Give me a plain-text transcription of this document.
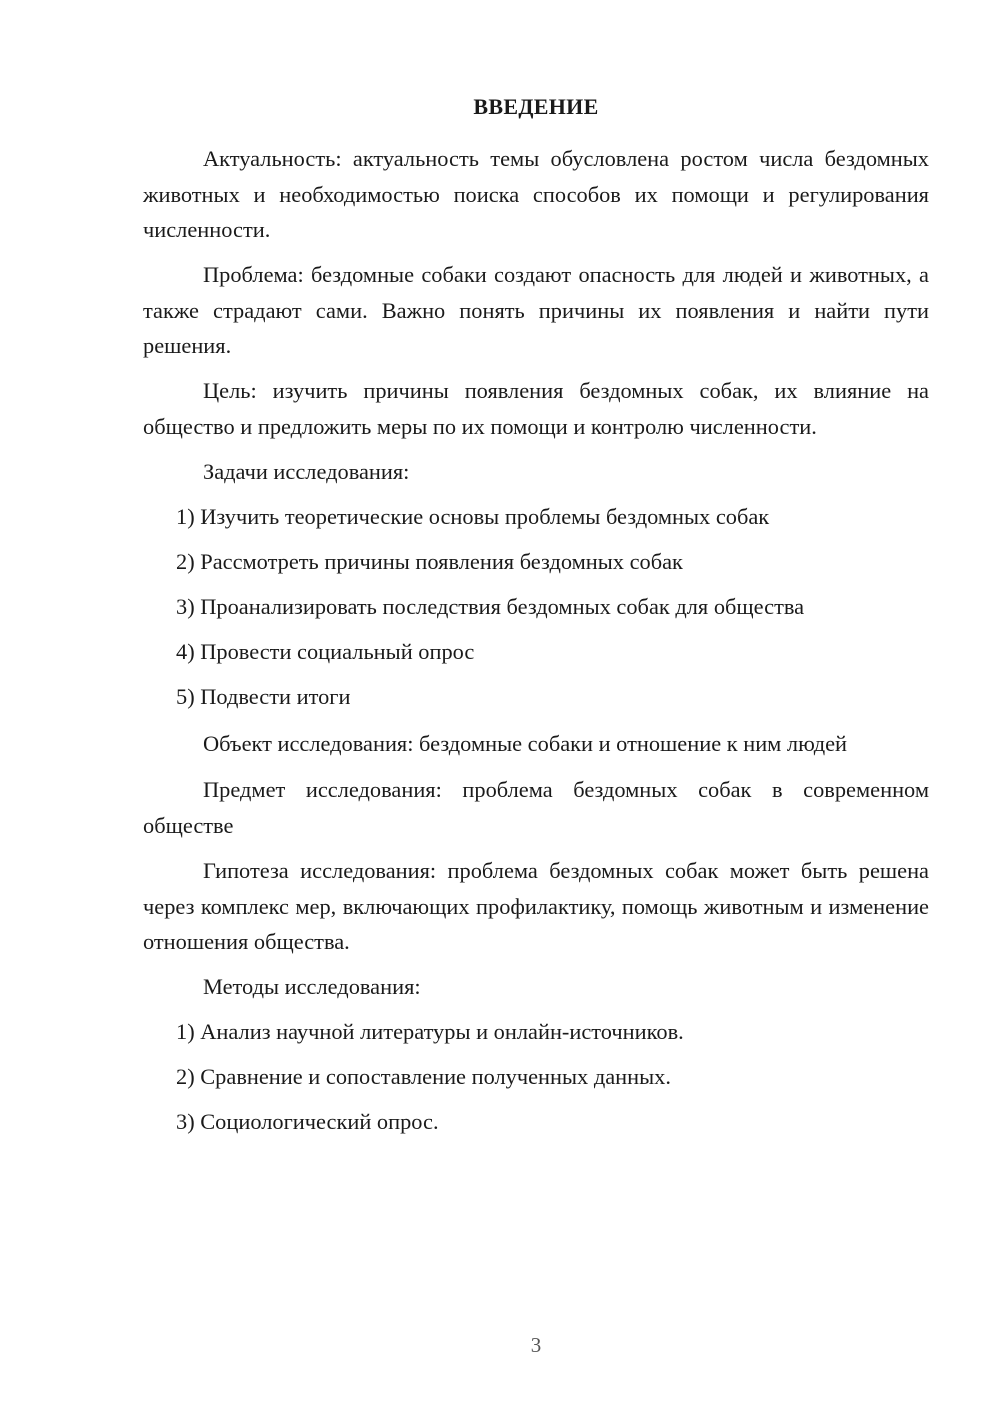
ВВЕДЕНИЕ

Актуальность: актуальность темы обусловлена ростом числа бездомных животных и необходимостью поиска способов их помощи и регулирования численности.

Проблема: бездомные собаки создают опасность для людей и животных, а также страдают сами. Важно понять причины их появления и найти пути решения.

Цель: изучить причины появления бездомных собак, их влияние на общество и предложить меры по их помощи и контролю численности.

Задачи исследования:

1) Изучить теоретические основы проблемы бездомных собак

2) Рассмотреть причины появления бездомных собак

3) Проанализировать последствия бездомных собак для общества

4) Провести социальный опрос

5) Подвести итоги

Объект исследования: бездомные собаки и отношение к ним людей

Предмет исследования: проблема бездомных собак в современном обществе

Гипотеза исследования: проблема бездомных собак может быть решена через комплекс мер, включающих профилактику, помощь животным и изменение отношения общества.

Методы исследования:

1) Анализ научной литературы и онлайн-источников.

2) Сравнение и сопоставление полученных данных.

3) Социологический опрос.

3
